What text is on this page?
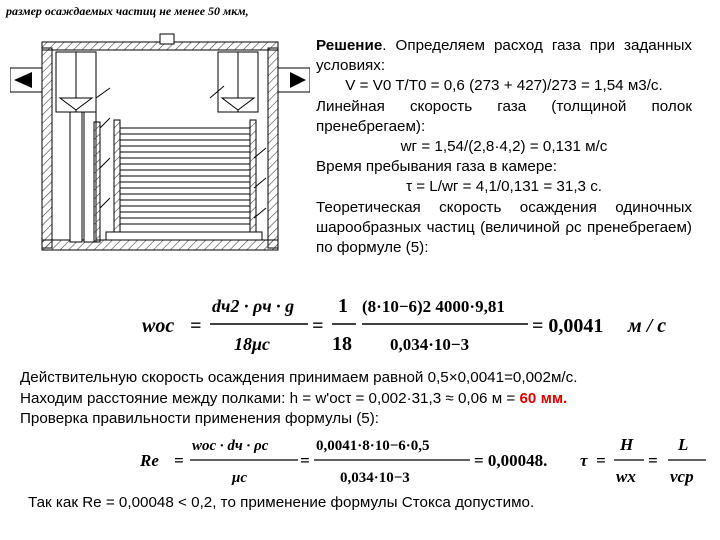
размер осаждаемых частиц не менее 50 мкм,

Решение. Определяем расход газа при заданных условиях:

V = V0 T/T0 = 0,6 (273 + 427)/273 = 1,54 м3/с.

Линейная скорость газа (толщиной полок пренебрегаем):

wг = 1,54/(2,8·4,2) = 0,131 м/с

Время пребывания газа в камере:

τ = L/wг = 4,1/0,131 = 31,3 с.

Теоретическая скорость осаждения одиночных шарообразных частиц (величиной ρс пренебрегаем) по формуле (5):

wос =
dч2 · ρч · g
18μс
=
1
18
(8·10−6)2 4000·9,81
0,034·10−3
= 0,0041 м / с

Действительную скорость осаждения принимаем равной 0,5×0,0041=0,002м/с.

Находим расстояние между полками: h = w'осτ = 0,002·31,3 ≈ 0,06 м = 60 мм.

Проверка правильности применения формулы (5):

Re =
wос · dч · ρс
μс
=
0,0041·8·10−6·0,5
0,034·10−3
= 0,00048. τ =
H
wх
=
L
vср
Так как Re = 0,00048 < 0,2, то применение формулы Стокса допустимо.
